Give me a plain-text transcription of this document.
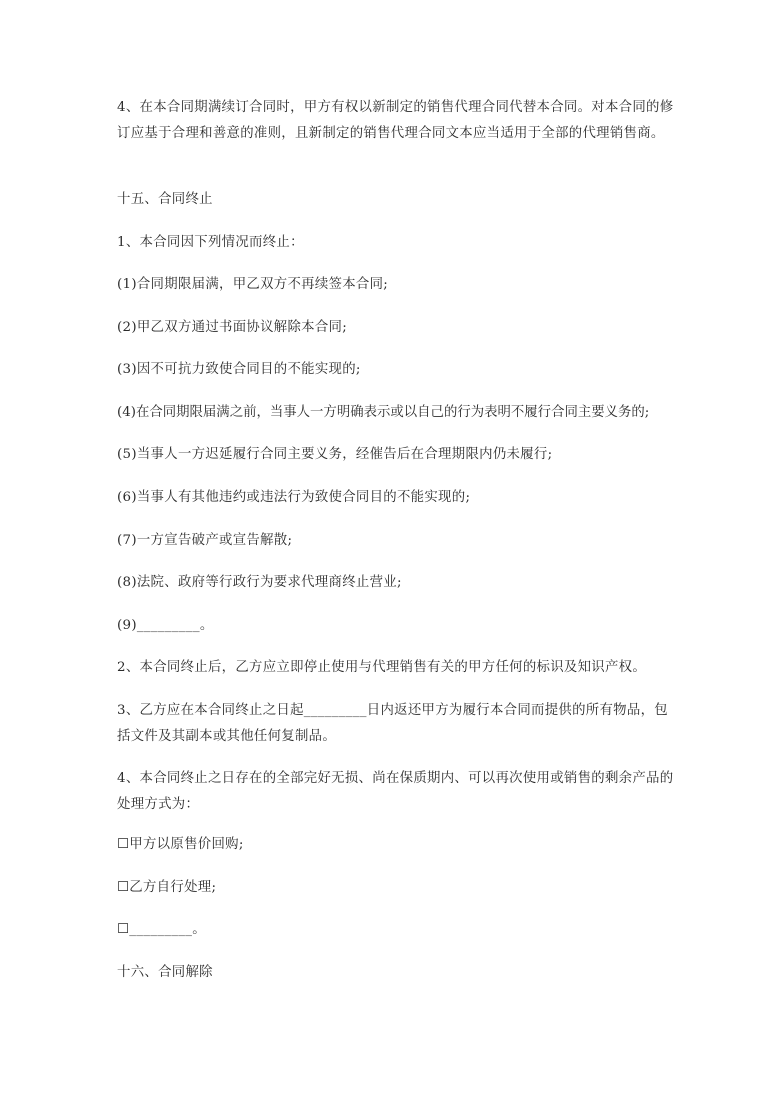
4、在本合同期满续订合同时，甲方有权以新制定的销售代理合同代替本合同。对本合同的修订应基于合理和善意的准则，且新制定的销售代理合同文本应当适用于全部的代理销售商。

十五、合同终止

1、本合同因下列情况而终止：

(1)合同期限届满，甲乙双方不再续签本合同;

(2)甲乙双方通过书面协议解除本合同;

(3)因不可抗力致使合同目的不能实现的;

(4)在合同期限届满之前，当事人一方明确表示或以自己的行为表明不履行合同主要义务的;

(5)当事人一方迟延履行合同主要义务，经催告后在合理期限内仍未履行;

(6)当事人有其他违约或违法行为致使合同目的不能实现的;

(7)一方宣告破产或宣告解散;

(8)法院、政府等行政行为要求代理商终止营业;

(9)_________。

2、本合同终止后，乙方应立即停止使用与代理销售有关的甲方任何的标识及知识产权。

3、乙方应在本合同终止之日起_________日内返还甲方为履行本合同而提供的所有物品，包括文件及其副本或其他任何复制品。

4、本合同终止之日存在的全部完好无损、尚在保质期内、可以再次使用或销售的剩余产品的处理方式为：

☐甲方以原售价回购;

☐乙方自行处理;

☐_________。

十六、合同解除
